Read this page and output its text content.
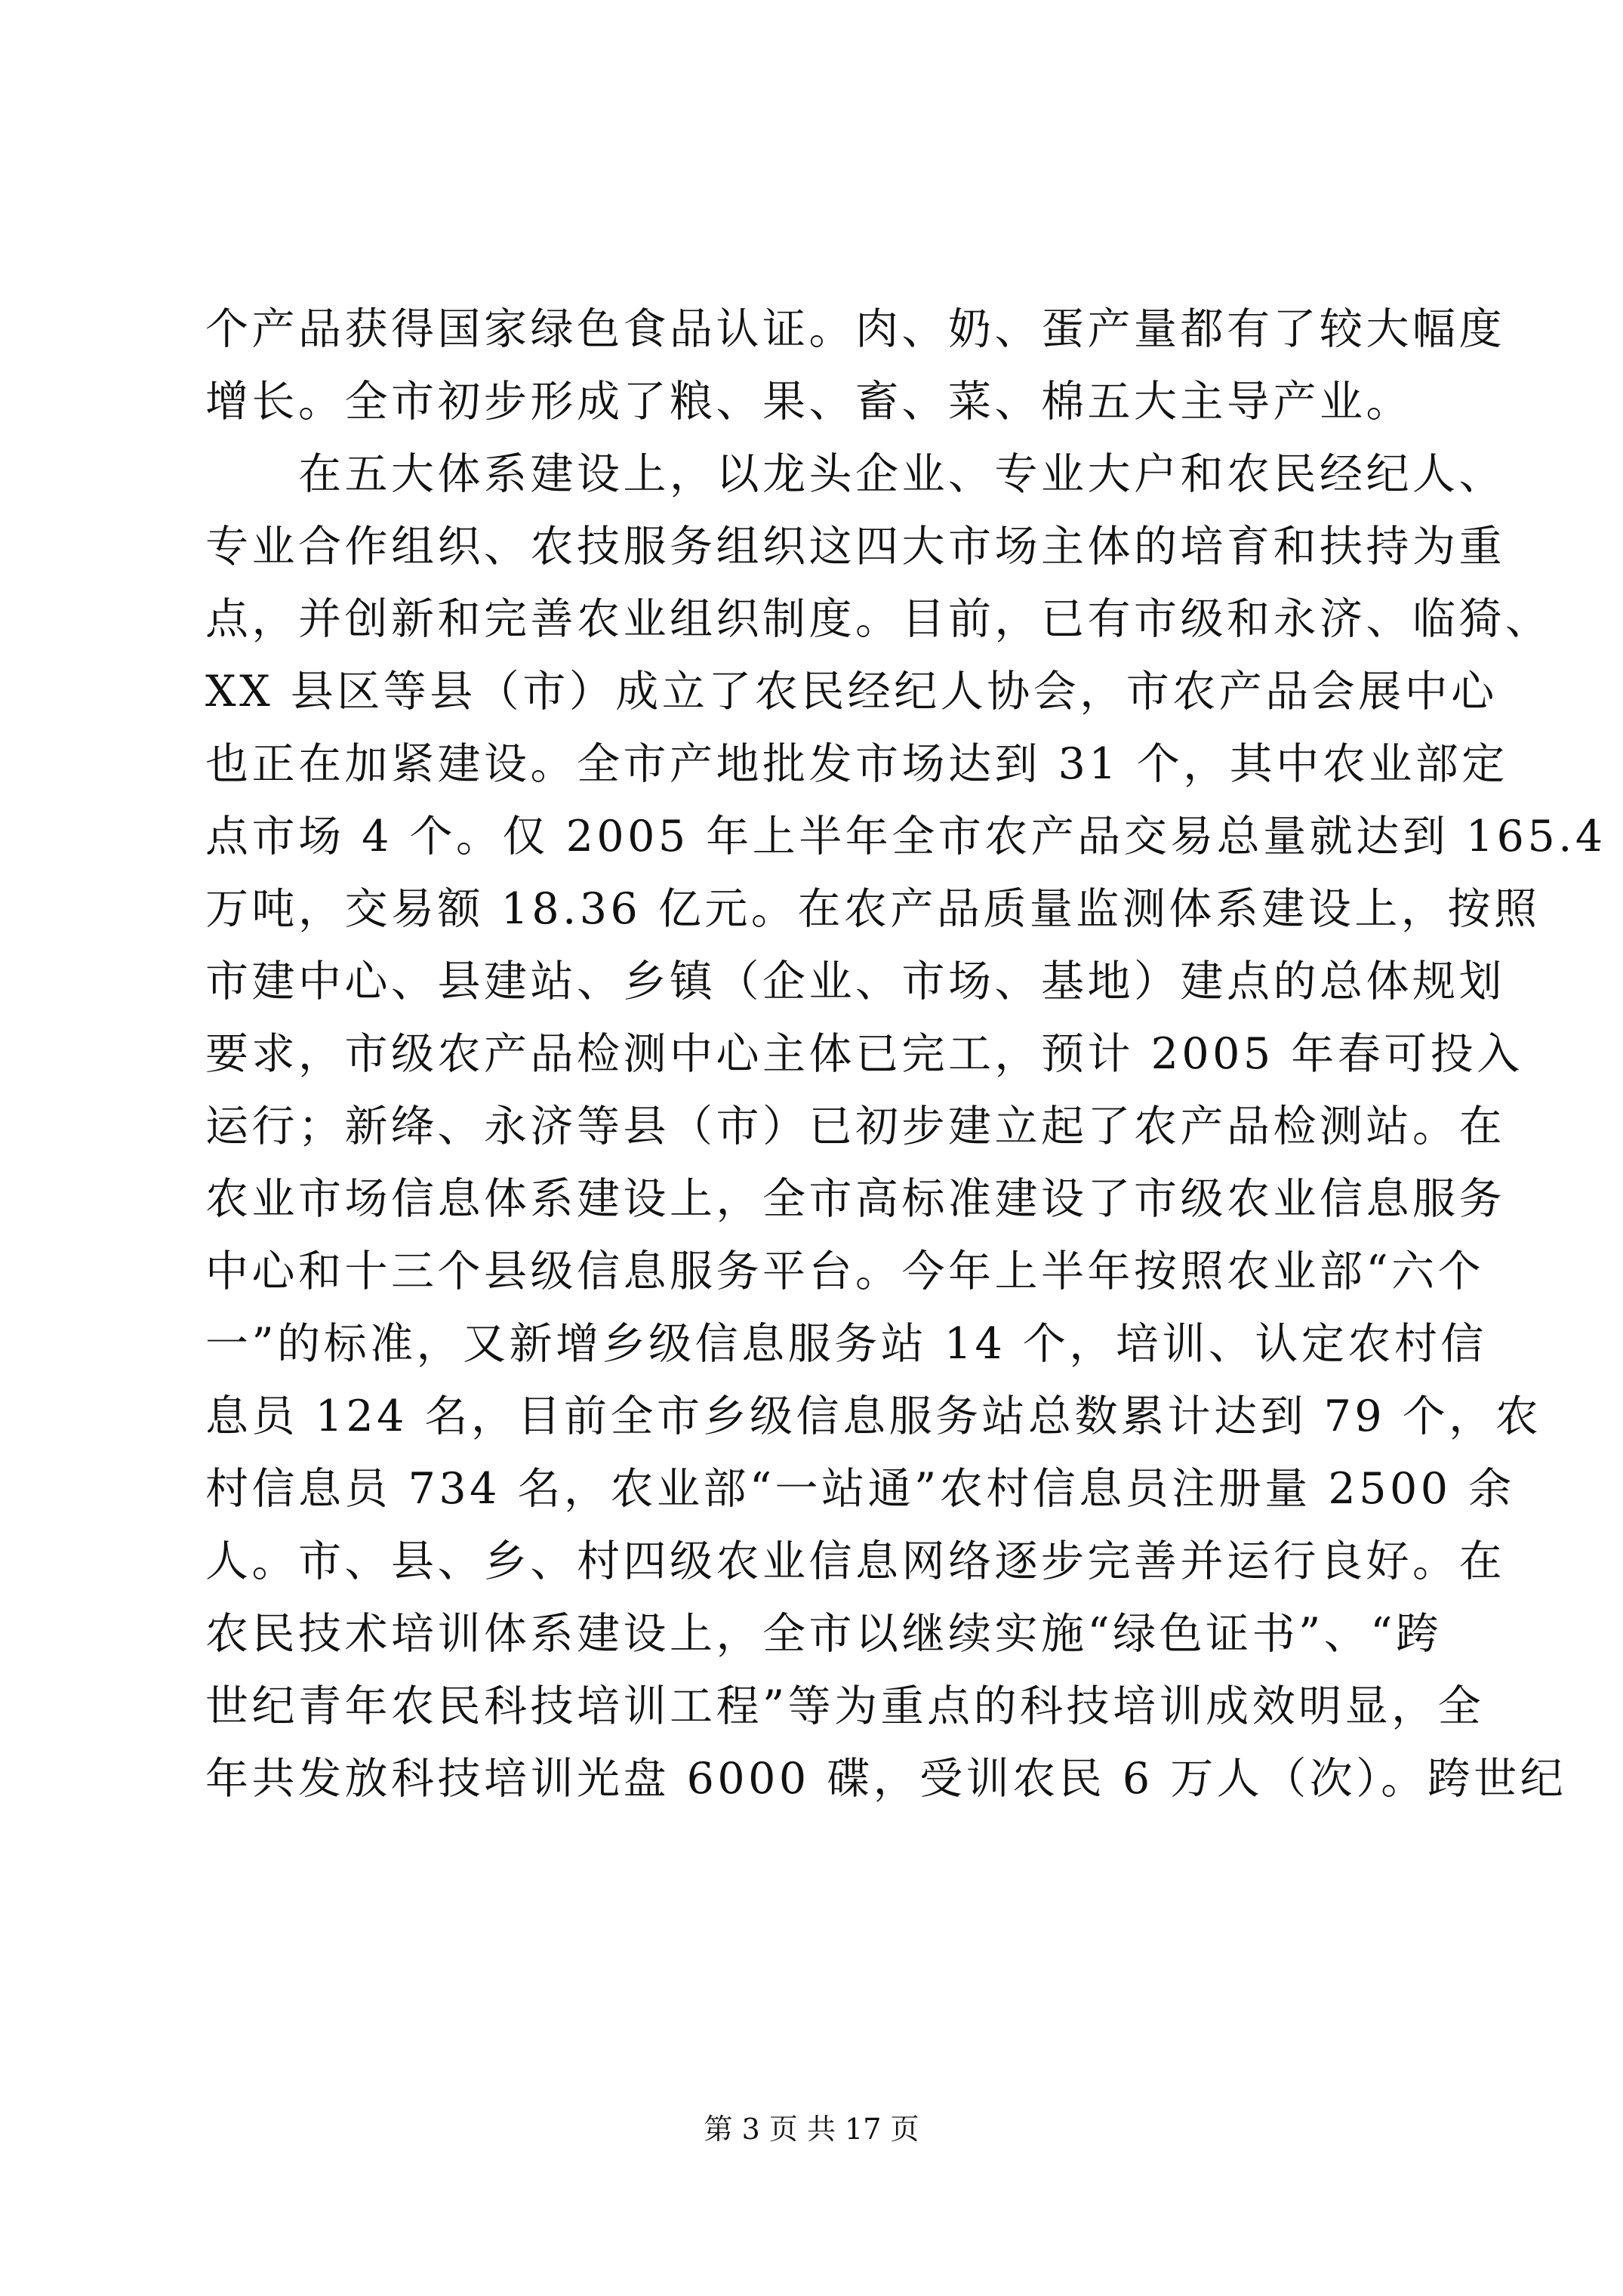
个产品获得国家绿色食品认证。肉、奶、蛋产量都有了较大幅度
增长。全市初步形成了粮、果、畜、菜、棉五大主导产业。
　　在五大体系建设上，以龙头企业、专业大户和农民经纪人、
专业合作组织、农技服务组织这四大市场主体的培育和扶持为重
点，并创新和完善农业组织制度。目前，已有市级和永济、临猗、
XX 县区等县（市）成立了农民经纪人协会，市农产品会展中心
也正在加紧建设。全市产地批发市场达到 31 个，其中农业部定
点市场 4 个。仅 2005 年上半年全市农产品交易总量就达到 165.4
万吨，交易额 18.36 亿元。在农产品质量监测体系建设上，按照
市建中心、县建站、乡镇（企业、市场、基地）建点的总体规划
要求，市级农产品检测中心主体已完工，预计 2005 年春可投入
运行；新绛、永济等县（市）已初步建立起了农产品检测站。在
农业市场信息体系建设上，全市高标准建设了市级农业信息服务
中心和十三个县级信息服务平台。今年上半年按照农业部“六个
一”的标准，又新增乡级信息服务站 14 个，培训、认定农村信
息员 124 名，目前全市乡级信息服务站总数累计达到 79 个，农
村信息员 734 名，农业部“一站通”农村信息员注册量 2500 余
人。市、县、乡、村四级农业信息网络逐步完善并运行良好。在
农民技术培训体系建设上，全市以继续实施“绿色证书”、“跨
世纪青年农民科技培训工程”等为重点的科技培训成效明显，全
年共发放科技培训光盘 6000 碟，受训农民 6 万人（次）。跨世纪
第 3 页 共 17 页
